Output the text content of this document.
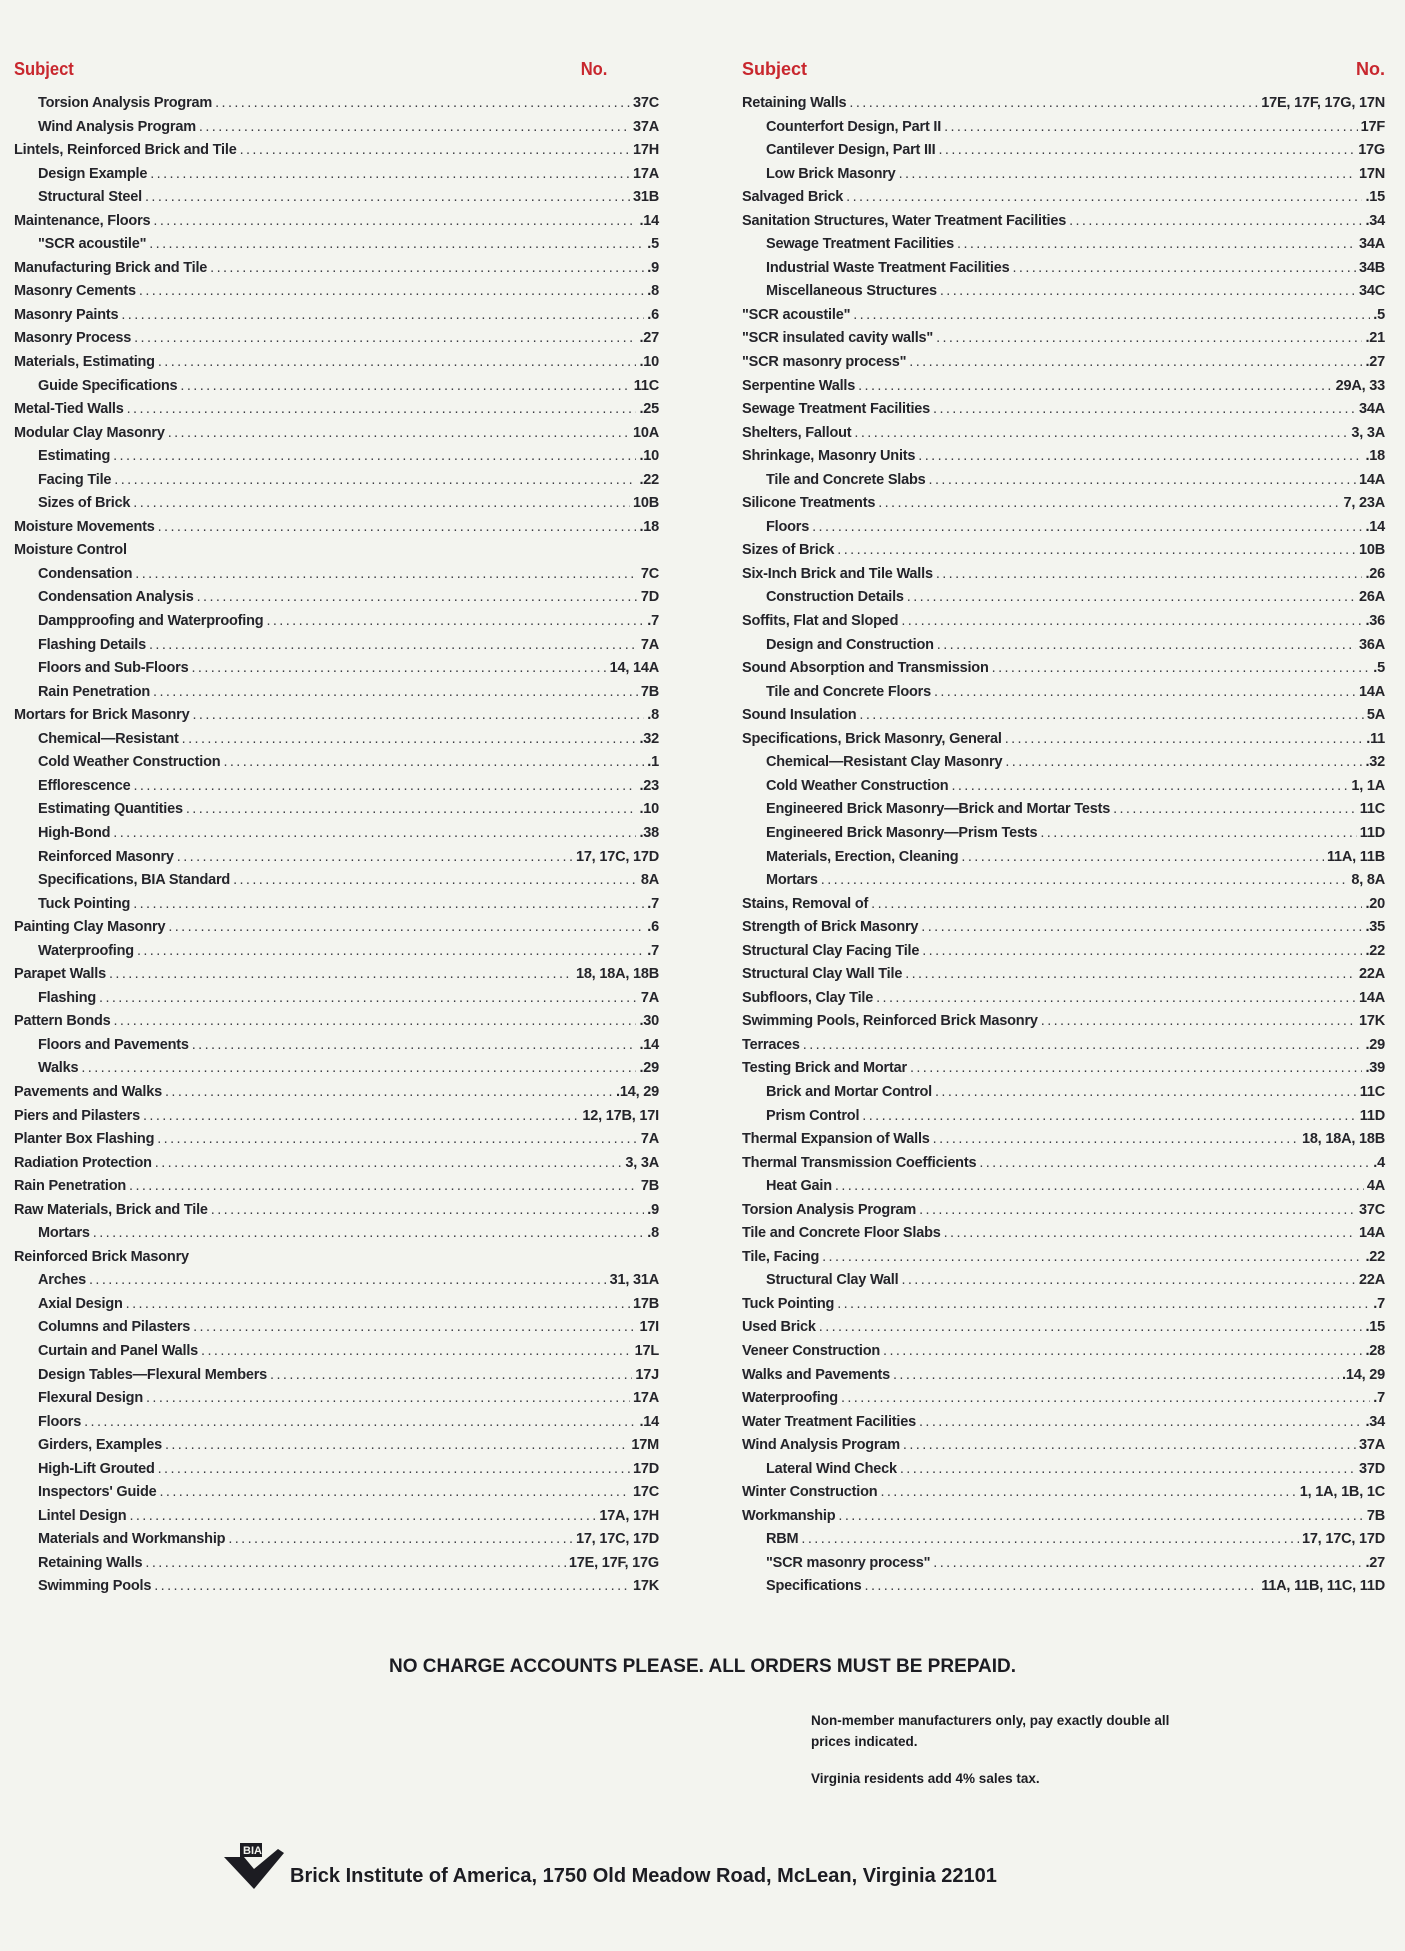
Subject	No.
Torsion Analysis Program .....	37C
Wind Analysis Program .....	37A
Lintels, Reinforced Brick and Tile .....	17H
Design Example .....	17A
Structural Steel .....	31B
Maintenance, Floors .....	.14
"SCR acoustile" .....	.5
Manufacturing Brick and Tile .....	.9
Masonry Cements .....	.8
Masonry Paints .....	.6
Masonry Process .....	.27
Materials, Estimating .....	.10
Guide Specifications .....	11C
Metal-Tied Walls .....	.25
Modular Clay Masonry .....	10A
Estimating .....	.10
Facing Tile .....	.22
Sizes of Brick .....	10B
Moisture Movements .....	.18
Moisture Control
Condensation .....	7C
Condensation Analysis .....	7D
Dampproofing and Waterproofing .....	.7
Flashing Details .....	7A
Floors and Sub-Floors .....	14, 14A
Rain Penetration .....	7B
Mortars for Brick Masonry .....	.8
Chemical—Resistant .....	.32
Cold Weather Construction .....	.1
Efflorescence .....	.23
Estimating Quantities .....	.10
High-Bond .....	.38
Reinforced Masonry .....	17, 17C, 17D
Specifications, BIA Standard .....	8A
Tuck Pointing .....	.7
Painting Clay Masonry .....	.6
Waterproofing .....	.7
Parapet Walls .....	18, 18A, 18B
Flashing .....	7A
Pattern Bonds .....	.30
Floors and Pavements .....	.14
Walks .....	.29
Pavements and Walks .....	.14, 29
Piers and Pilasters .....	12, 17B, 17I
Planter Box Flashing .....	7A
Radiation Protection .....	3, 3A
Rain Penetration .....	7B
Raw Materials, Brick and Tile .....	.9
Mortars .....	.8
Reinforced Brick Masonry
Arches .....	31, 31A
Axial Design .....	17B
Columns and Pilasters .....	17I
Curtain and Panel Walls .....	17L
Design Tables—Flexural Members .....	17J
Flexural Design .....	17A
Floors .....	.14
Girders, Examples .....	17M
High-Lift Grouted .....	17D
Inspectors' Guide .....	17C
Lintel Design .....	17A, 17H
Materials and Workmanship .....	17, 17C, 17D
Retaining Walls .....	17E, 17F, 17G
Swimming Pools .....	17K
Subject	No.
Retaining Walls .....	17E, 17F, 17G, 17N
Counterfort Design, Part II .....	17F
Cantilever Design, Part III .....	17G
Low Brick Masonry .....	17N
Salvaged Brick .....	.15
Sanitation Structures, Water Treatment Facilities .....	.34
Sewage Treatment Facilities .....	34A
Industrial Waste Treatment Facilities .....	34B
Miscellaneous Structures .....	34C
"SCR acoustile" .....	.5
"SCR insulated cavity walls" .....	.21
"SCR masonry process" .....	.27
Serpentine Walls .....	29A, 33
Sewage Treatment Facilities .....	34A
Shelters, Fallout .....	3, 3A
Shrinkage, Masonry Units .....	.18
Tile and Concrete Slabs .....	14A
Silicone Treatments .....	7, 23A
Floors .....	.14
Sizes of Brick .....	10B
Six-Inch Brick and Tile Walls .....	.26
Construction Details .....	26A
Soffits, Flat and Sloped .....	.36
Design and Construction .....	36A
Sound Absorption and Transmission .....	.5
Tile and Concrete Floors .....	14A
Sound Insulation .....	5A
Specifications, Brick Masonry, General .....	.11
Chemical—Resistant Clay Masonry .....	.32
Cold Weather Construction .....	1, 1A
Engineered Brick Masonry—Brick and Mortar Tests .....	11C
Engineered Brick Masonry—Prism Tests .....	11D
Materials, Erection, Cleaning .....	11A, 11B
Mortars .....	8, 8A
Stains, Removal of .....	.20
Strength of Brick Masonry .....	.35
Structural Clay Facing Tile .....	.22
Structural Clay Wall Tile .....	22A
Subfloors, Clay Tile .....	14A
Swimming Pools, Reinforced Brick Masonry .....	17K
Terraces .....	.29
Testing Brick and Mortar .....	.39
Brick and Mortar Control .....	11C
Prism Control .....	11D
Thermal Expansion of Walls .....	18, 18A, 18B
Thermal Transmission Coefficients .....	.4
Heat Gain .....	4A
Torsion Analysis Program .....	37C
Tile and Concrete Floor Slabs .....	14A
Tile, Facing .....	.22
Structural Clay Wall .....	22A
Tuck Pointing .....	.7
Used Brick .....	.15
Veneer Construction .....	.28
Walks and Pavements .....	.14, 29
Waterproofing .....	.7
Water Treatment Facilities .....	.34
Wind Analysis Program .....	37A
Lateral Wind Check .....	37D
Winter Construction .....	1, 1A, 1B, 1C
Workmanship .....	7B
RBM .....	17, 17C, 17D
"SCR masonry process" .....	.27
Specifications .....	11A, 11B, 11C, 11D
NO CHARGE ACCOUNTS PLEASE. ALL ORDERS MUST BE PREPAID.
Non-member manufacturers only, pay exactly double all prices indicated.
Virginia residents add 4% sales tax.
BIA
Brick Institute of America, 1750 Old Meadow Road, McLean, Virginia 22101
